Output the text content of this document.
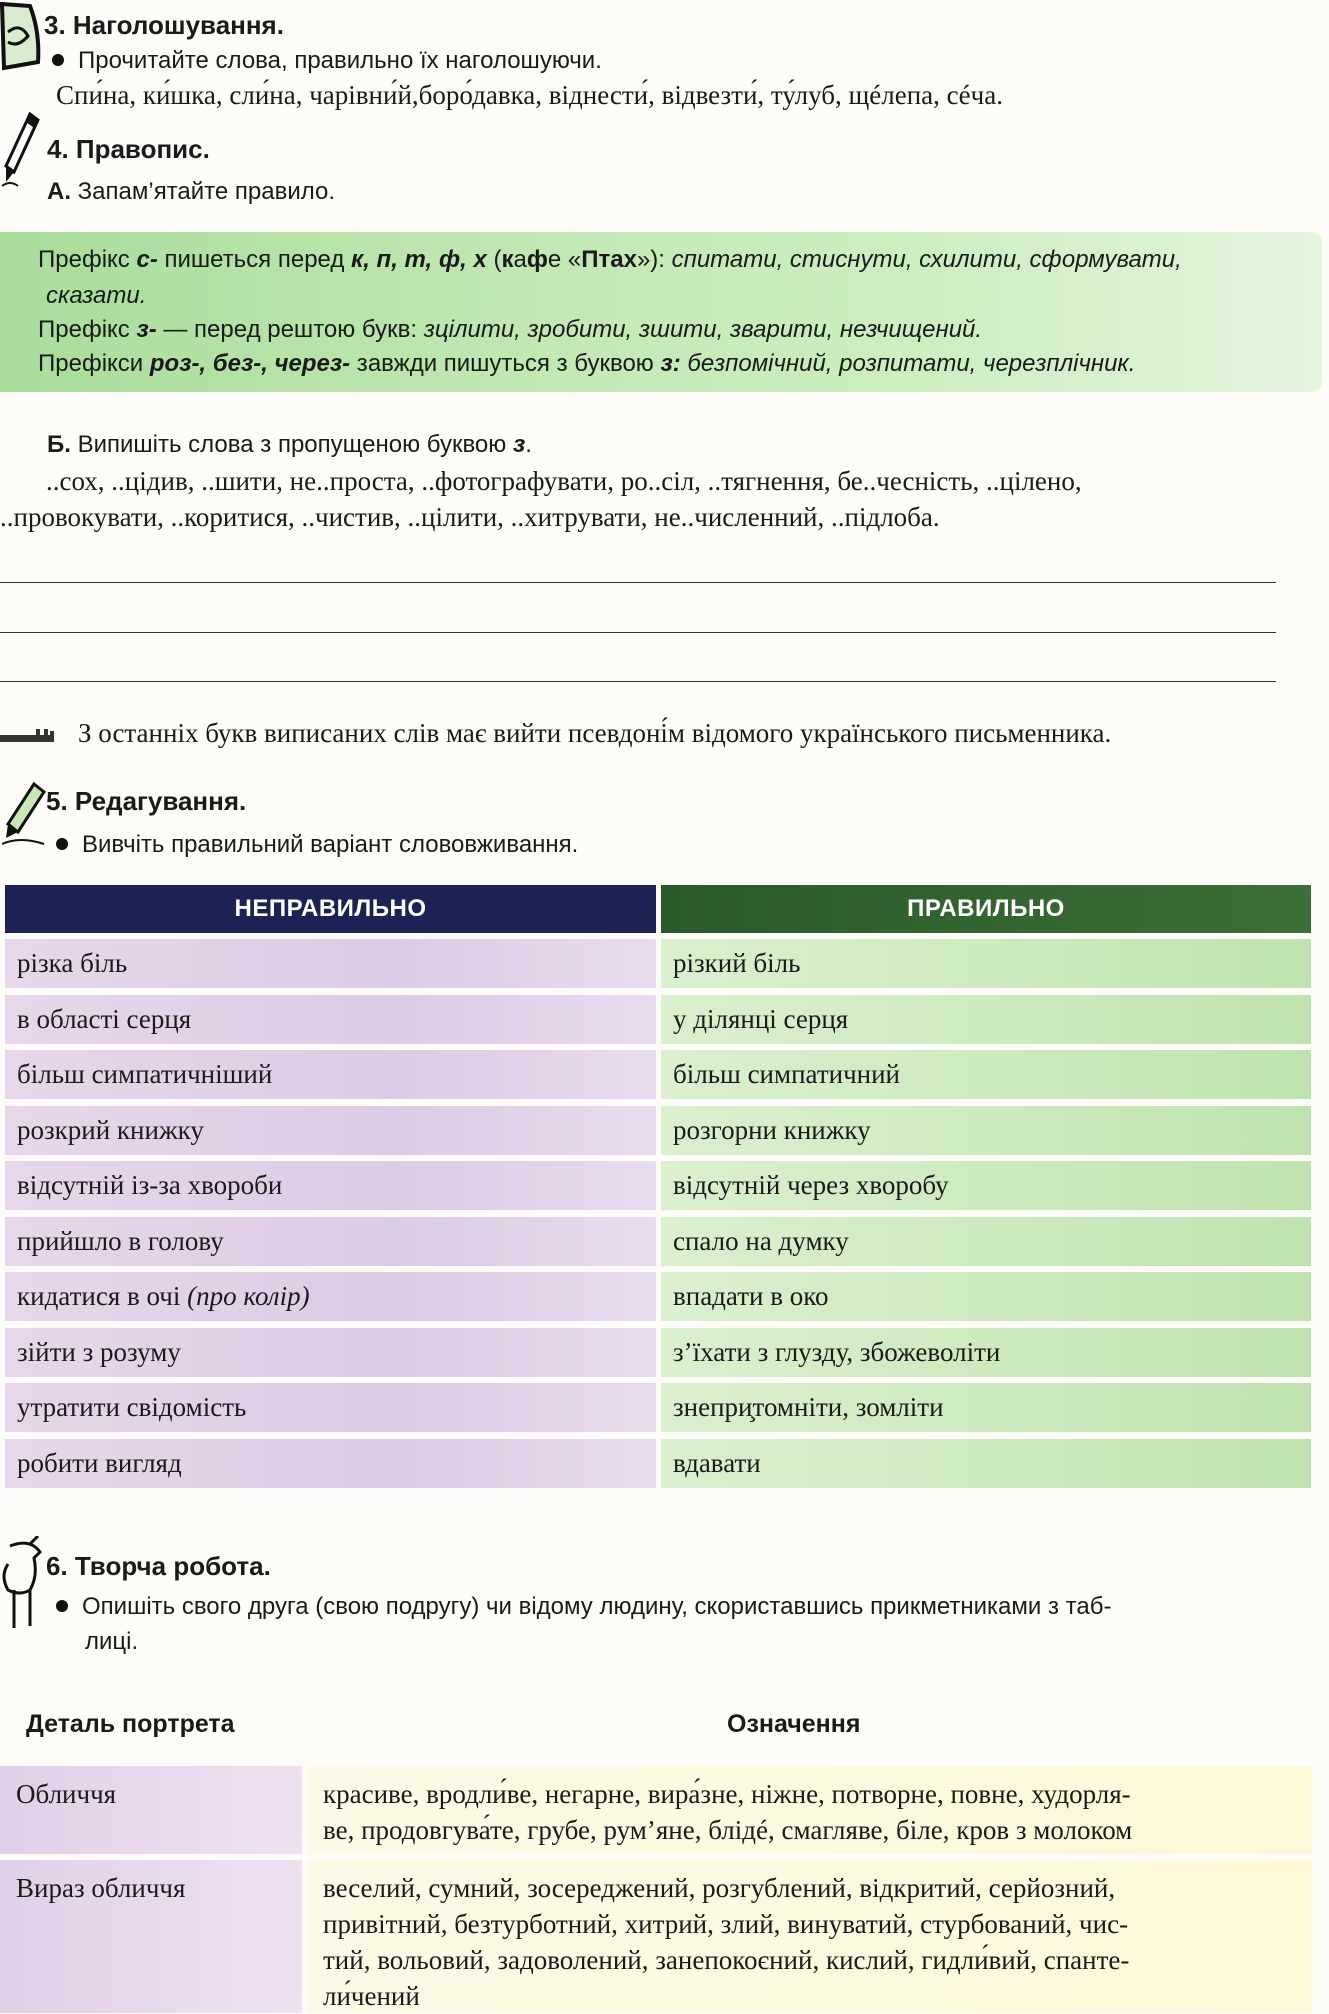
3. Наголошування.
Прочитайте слова, правильно їх наголошуючи.
Спи́на, ки́шка, сли́на, чарівни́й,боро́давка, віднести́, відвезти́, ту́луб, щéлепа, сéча.
4. Правопис.
А. Запам’ятайте правило.
Префікс с- пишеться перед к, п, т, ф, х (кафе «Птах»): спитати, стиснути, схилити, сформувати,
сказати.
Префікс з- — перед рештою букв: зцілити, зробити, зшити, зварити, незчищений.
Префікси роз-, без-, через- завжди пишуться з буквою з: безпомічний, розпитати, черезплічник.
Б. Випишіть слова з пропущеною буквою з.
..сох, ..цідив, ..шити, не..проста, ..фотографувати, ро..сіл, ..тягнення, бе..чесність, ..цілено,
..провокувати, ..коритися, ..чистив, ..цілити, ..хитрувати, не..численний, ..підлоба.
З останніх букв виписаних слів має вийти псевдоні́м відомого українського письменника.
5. Редагування.
Вивчіть правильний варіант слововживання.
НЕПРАВИЛЬНО	ПРАВИЛЬНО
різка біль	різкий біль
в області серця	у ділянці серця
більш симпатичніший	більш симпатичний
розкрий книжку	розгорни книжку
відсутній із-за хвороби	відсутній через хворобу
прийшло в голову	спало на думку
кидатися в очі (про колір)	впадати в око
зійти з розуму	з’їхати з глузду, збожеволіти
утратити свідомість	знепри̧томніти, зомліти
робити вигляд	вдавати
6. Творча робота.
Опишіть свого друга (свою подругу) чи відому людину, скориставшись прикметниками з таб-
лиці.
Деталь портрета	Означення
Обличчя	красиве, вродли́ве, негарне, вира́зне, ніжне, потворне, повне, худорля-
ве, продовгува́те, грубе, рум’яне, блідé, смагляве, біле, кров з молоком
Вираз обличчя	веселий, сумний, зосереджений, розгублений, відкритий, серйозний,
привітний, безтурботний, хитрий, злий, винуватий, стурбований, чис-
тий, вольовий, задоволений, занепокоєний, кислий, гидли́вий, спанте-
ли́чений
